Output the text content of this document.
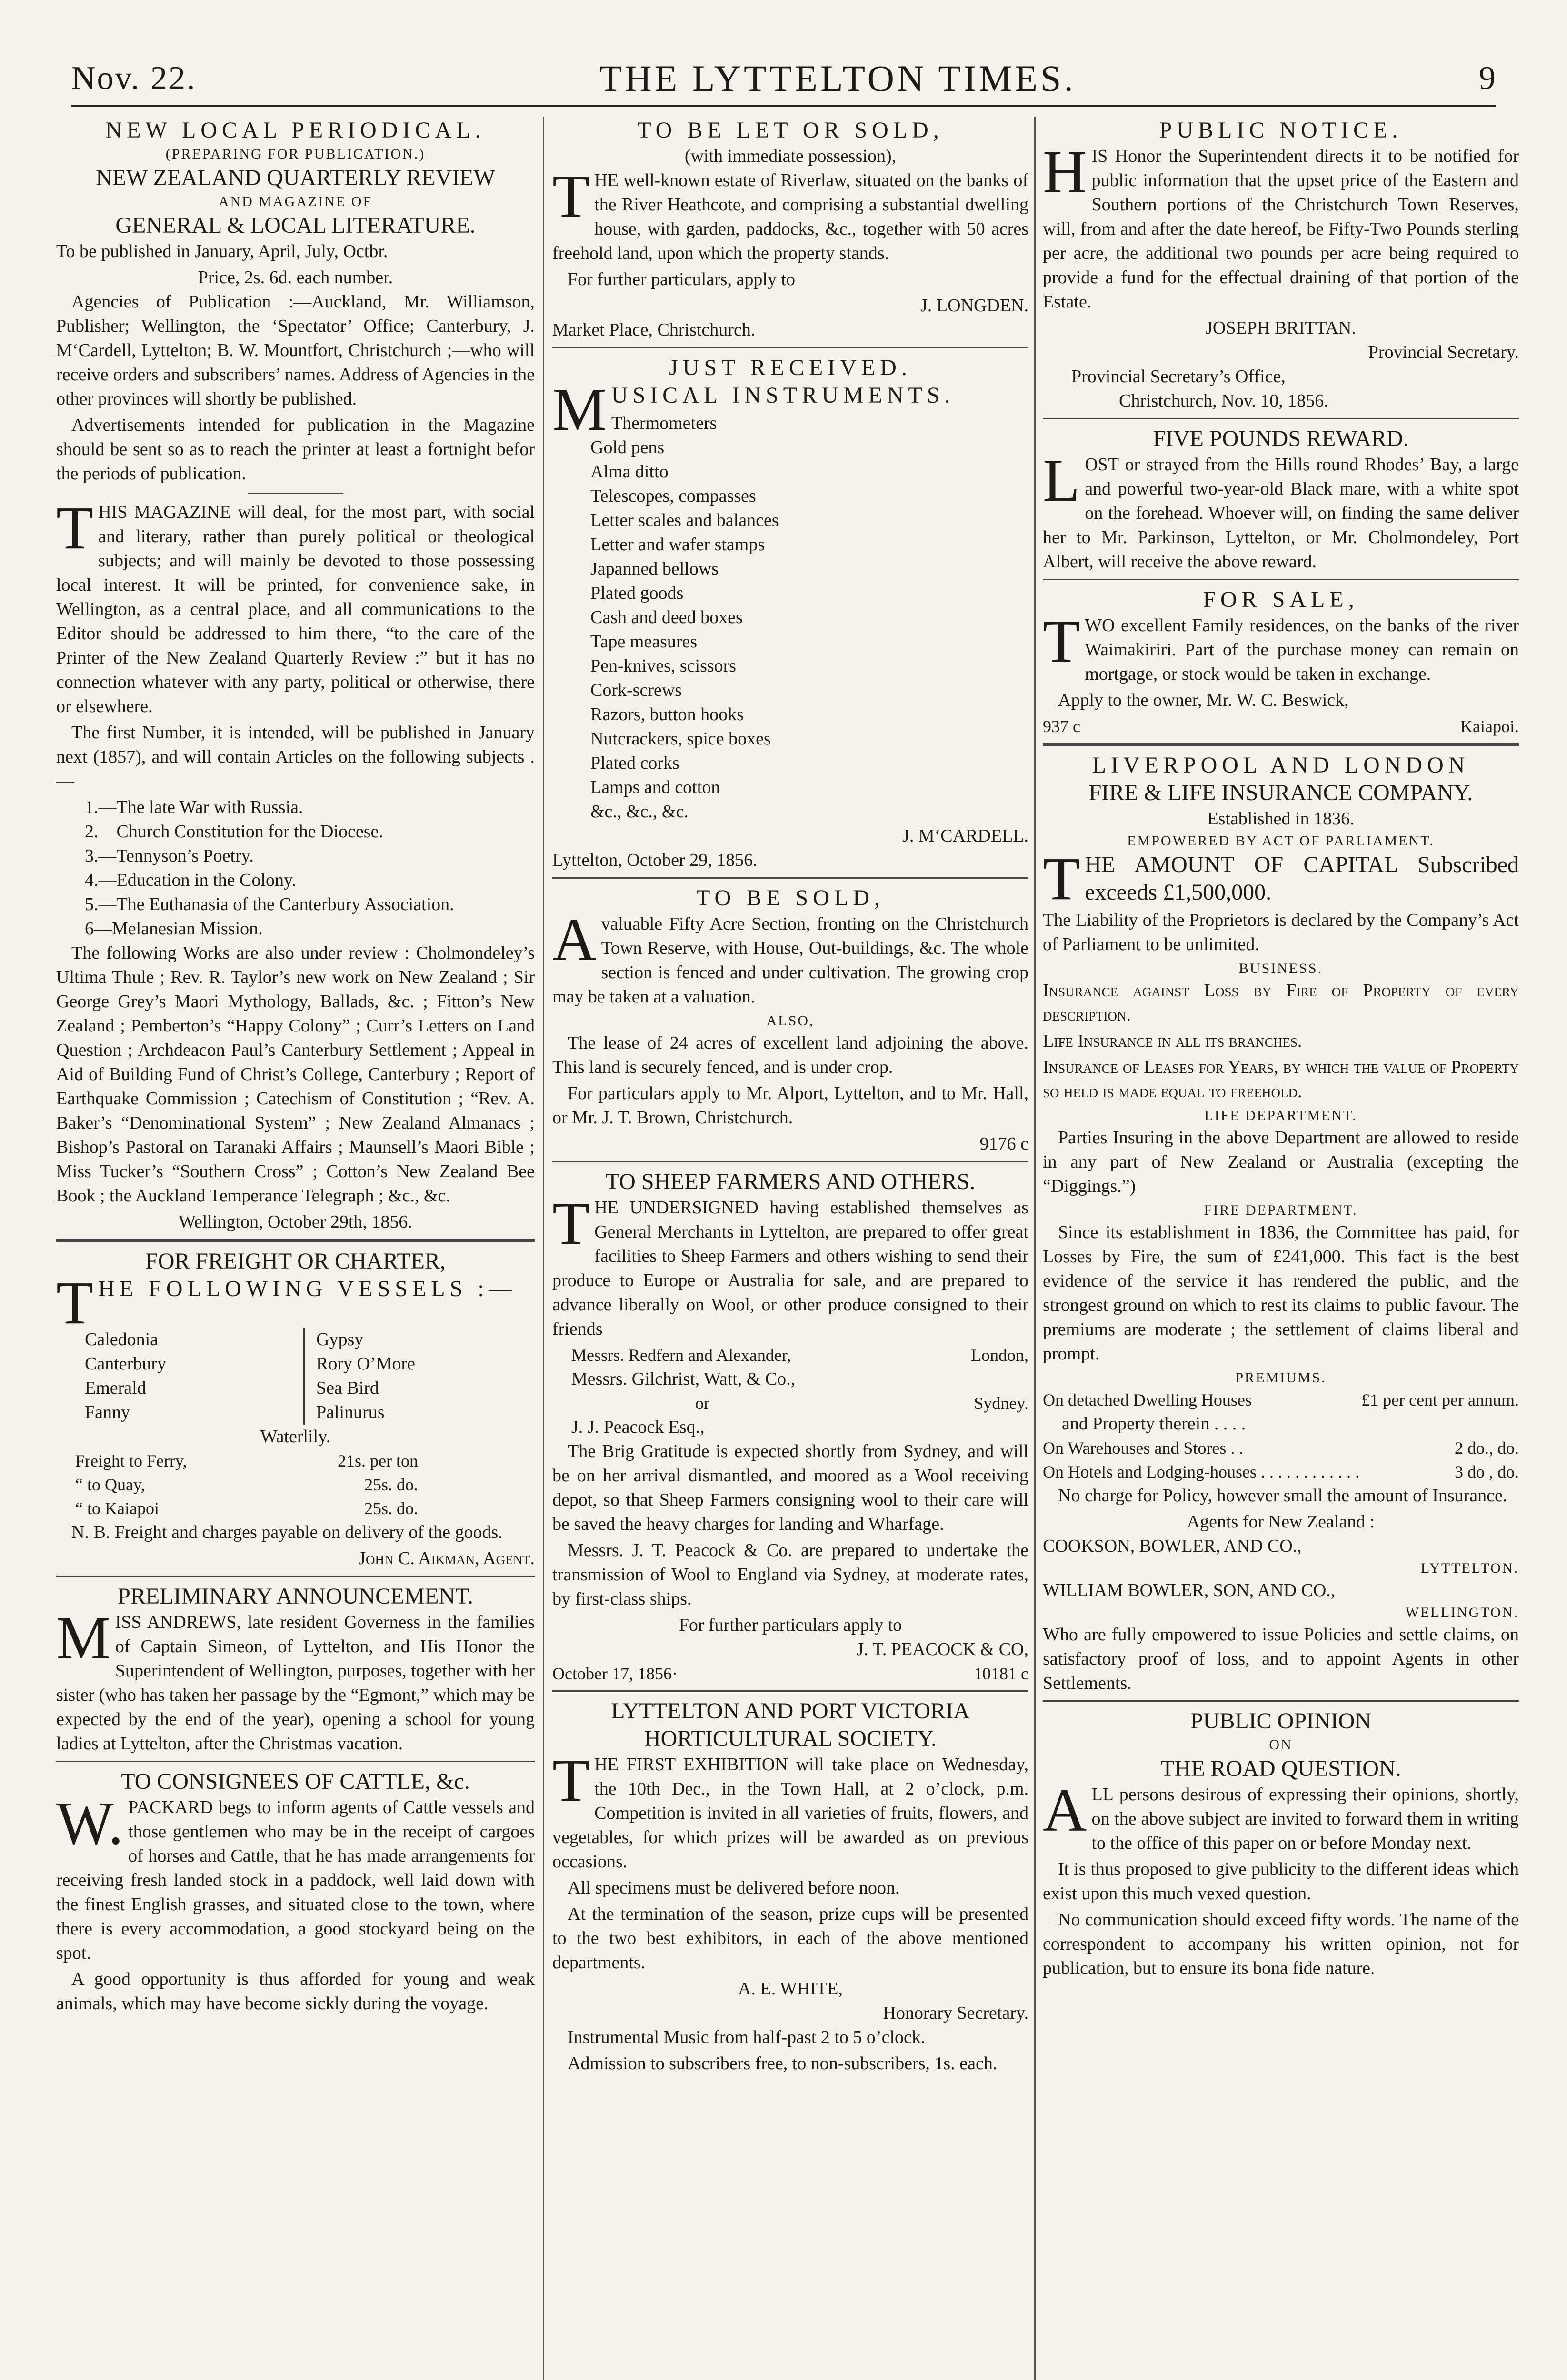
Nov. 22.	THE LYTTELTON TIMES.	9
NEW LOCAL PERIODICAL.
(PREPARING FOR PUBLICATION.)
NEW ZEALAND QUARTERLY REVIEW
AND MAGAZINE OF
GENERAL & LOCAL LITERATURE.

To be published in January, April, July, Octbr.

Price, 2s. 6d. each number.

Agencies of Publication :—Auckland, Mr. Williamson, Publisher; Wellington, the ‘Spectator’ Office; Canterbury, J. M‘Cardell, Lyttelton; B. W. Mountfort, Christchurch ;—who will receive orders and subscribers’ names. Address of Agencies in the other provinces will shortly be published.

Advertisements intended for publication in the Magazine should be sent so as to reach the printer at least a fortnight befor the periods of publication.

THIS MAGAZINE will deal, for the most part, with social and literary, rather than purely political or theological subjects; and will mainly be devoted to those possessing local interest. It will be printed, for convenience sake, in Wellington, as a central place, and all communications to the Editor should be addressed to him there, “to the care of the Printer of the New Zealand Quarterly Review :” but it has no connection whatever with any party, political or otherwise, there or elsewhere.

The first Number, it is intended, will be published in January next (1857), and will contain Articles on the following subjects .—

1.—The late War with Russia.
2.—Church Constitution for the Diocese.
3.—Tennyson’s Poetry.
4.—Education in the Colony.
5.—The Euthanasia of the Canterbury Association.
6—Melanesian Mission.

The following Works are also under review : Cholmondeley’s Ultima Thule ; Rev. R. Taylor’s new work on New Zealand ; Sir George Grey’s Maori Mythology, Ballads, &c. ; Fitton’s New Zealand ; Pemberton’s “Happy Colony” ; Curr’s Letters on Land Question ; Archdeacon Paul’s Canterbury Settlement ; Appeal in Aid of Building Fund of Christ’s College, Canterbury ; Report of Earthquake Commission ; Catechism of Constitution ; “Rev. A. Baker’s “Denominational System” ; New Zealand Almanacs ; Bishop’s Pastoral on Taranaki Affairs ; Maunsell’s Maori Bible ; Miss Tucker’s “Southern Cross” ; Cotton’s New Zealand Bee Book ; the Auckland Temperance Telegraph ; &c., &c.

Wellington, October 29th, 1856.
FOR FREIGHT OR CHARTER,

THE FOLLOWING VESSELS :—

Caledonia
Canterbury
Emerald
Fanny
Gypsy
Rory O’More
Sea Bird
Palinurus
Waterlily.
Freight to Ferry,	21s. per ton
“ to Quay,	25s. do.
“ to Kaiapoi	25s. do.

N. B. Freight and charges payable on delivery of the goods.

John C. Aikman, Agent.
PRELIMINARY ANNOUNCEMENT.

MISS ANDREWS, late resident Governess in the families of Captain Simeon, of Lyttelton, and His Honor the Superintendent of Wellington, purposes, together with her sister (who has taken her passage by the “Egmont,” which may be expected by the end of the year), opening a school for young ladies at Lyttelton, after the Christmas vacation.

TO CONSIGNEES OF CATTLE, &c.

W. PACKARD begs to inform agents of Cattle vessels and those gentlemen who may be in the receipt of cargoes of horses and Cattle, that he has made arrangements for receiving fresh landed stock in a paddock, well laid down with the finest English grasses, and situated close to the town, where there is every accommodation, a good stockyard being on the spot.

A good opportunity is thus afforded for young and weak animals, which may have become sickly during the voyage.

TO BE LET OR SOLD,
(with immediate possession),

THE well-known estate of Riverlaw, situated on the banks of the River Heathcote, and comprising a substantial dwelling house, with garden, paddocks, &c., together with 50 acres freehold land, upon which the property stands.

For further particulars, apply to

J. LONGDEN.
Market Place, Christchurch.
JUST RECEIVED.

MUSICAL INSTRUMENTS.

Thermometers
Gold pens
Alma ditto
Telescopes, compasses
Letter scales and balances
Letter and wafer stamps
Japanned bellows
Plated goods
Cash and deed boxes
Tape measures
Pen-knives, scissors
Cork-screws
Razors, button hooks
Nutcrackers, spice boxes
Plated corks
Lamps and cotton
&c., &c., &c.
J. M‘CARDELL.
Lyttelton, October 29, 1856.
TO BE SOLD,

Avaluable Fifty Acre Section, fronting on the Christchurch Town Reserve, with House, Out-buildings, &c. The whole section is fenced and under cultivation. The growing crop may be taken at a valuation.

ALSO,

The lease of 24 acres of excellent land adjoining the above. This land is securely fenced, and is under crop.

For particulars apply to Mr. Alport, Lyttelton, and to Mr. Hall, or Mr. J. T. Brown, Christchurch.

9176 c
TO SHEEP FARMERS AND OTHERS.

THE UNDERSIGNED having established themselves as General Merchants in Lyttelton, are prepared to offer great facilities to Sheep Farmers and others wishing to send their produce to Europe or Australia for sale, and are prepared to advance liberally on Wool, or other produce consigned to their friends

Messrs. Redfern and Alexander,	London,
Messrs. Gilchrist, Watt, & Co.,
or	Sydney.
J. J. Peacock Esq.,

The Brig Gratitude is expected shortly from Sydney, and will be on her arrival dismantled, and moored as a Wool receiving depot, so that Sheep Farmers consigning wool to their care will be saved the heavy charges for landing and Wharfage.

Messrs. J. T. Peacock & Co. are prepared to undertake the transmission of Wool to England via Sydney, at moderate rates, by first-class ships.

For further particulars apply to
J. T. PEACOCK & CO,
October 17, 1856·	10181 c
LYTTELTON AND PORT VICTORIA
HORTICULTURAL SOCIETY.

THE FIRST EXHIBITION will take place on Wednesday, the 10th Dec., in the Town Hall, at 2 o’clock, p.m. Competition is invited in all varieties of fruits, flowers, and vegetables, for which prizes will be awarded as on previous occasions.

All specimens must be delivered before noon.

At the termination of the season, prize cups will be presented to the two best exhibitors, in each of the above mentioned departments.

A. E. WHITE,
Honorary Secretary.

Instrumental Music from half-past 2 to 5 o’clock.

Admission to subscribers free, to non-subscribers, 1s. each.

PUBLIC NOTICE.

HIS Honor the Superintendent directs it to be notified for public information that the upset price of the Eastern and Southern portions of the Christchurch Town Reserves, will, from and after the date hereof, be Fifty-Two Pounds sterling per acre, the additional two pounds per acre being required to provide a fund for the effectual draining of that portion of the Estate.

JOSEPH BRITTAN.
Provincial Secretary.
Provincial Secretary’s Office,
Christchurch, Nov. 10, 1856.
FIVE POUNDS REWARD.

LOST or strayed from the Hills round Rhodes’ Bay, a large and powerful two-year-old Black mare, with a white spot on the forehead. Whoever will, on finding the same deliver her to Mr. Parkinson, Lyttelton, or Mr. Cholmondeley, Port Albert, will receive the above reward.

FOR SALE,

TWO excellent Family residences, on the banks of the river Waimakiriri. Part of the purchase money can remain on mortgage, or stock would be taken in exchange.

Apply to the owner, Mr. W. C. Beswick,

937 c	Kaiapoi.
LIVERPOOL AND LONDON
FIRE & LIFE INSURANCE COMPANY.
Established in 1836.
EMPOWERED BY ACT OF PARLIAMENT.

THE AMOUNT OF CAPITAL Subscribed exceeds £1,500,000.

The Liability of the Proprietors is declared by the Company’s Act of Parliament to be unlimited.

BUSINESS.

Insurance against Loss by Fire of Property of every description.

Life Insurance in all its branches.

Insurance of Leases for Years, by which the value of Property so held is made equal to freehold.

LIFE DEPARTMENT.

Parties Insuring in the above Department are allowed to reside in any part of New Zealand or Australia (excepting the “Diggings.”)

FIRE DEPARTMENT.

Since its establishment in 1836, the Committee has paid, for Losses by Fire, the sum of £241,000. This fact is the best evidence of the service it has rendered the public, and the strongest ground on which to rest its claims to public favour. The premiums are moderate ; the settlement of claims liberal and prompt.

PREMIUMS.
On detached Dwelling Houses	£1 per cent per annum.
and Property therein . . . .
On Warehouses and Stores . .	2 do., do.
On Hotels and Lodging-houses . . . . . . . . . . . .	3 do , do.

No charge for Policy, however small the amount of Insurance.

Agents for New Zealand :
COOKSON, BOWLER, AND CO.,
LYTTELTON.
WILLIAM BOWLER, SON, AND CO.,
WELLINGTON.

Who are fully empowered to issue Policies and settle claims, on satisfactory proof of loss, and to appoint Agents in other Settlements.

PUBLIC OPINION
ON
THE ROAD QUESTION.

ALL persons desirous of expressing their opinions, shortly, on the above subject are invited to forward them in writing to the office of this paper on or before Monday next.

It is thus proposed to give publicity to the different ideas which exist upon this much vexed question.

No communication should exceed fifty words. The name of the correspondent to accompany his written opinion, not for publication, but to ensure its bona fide nature.
